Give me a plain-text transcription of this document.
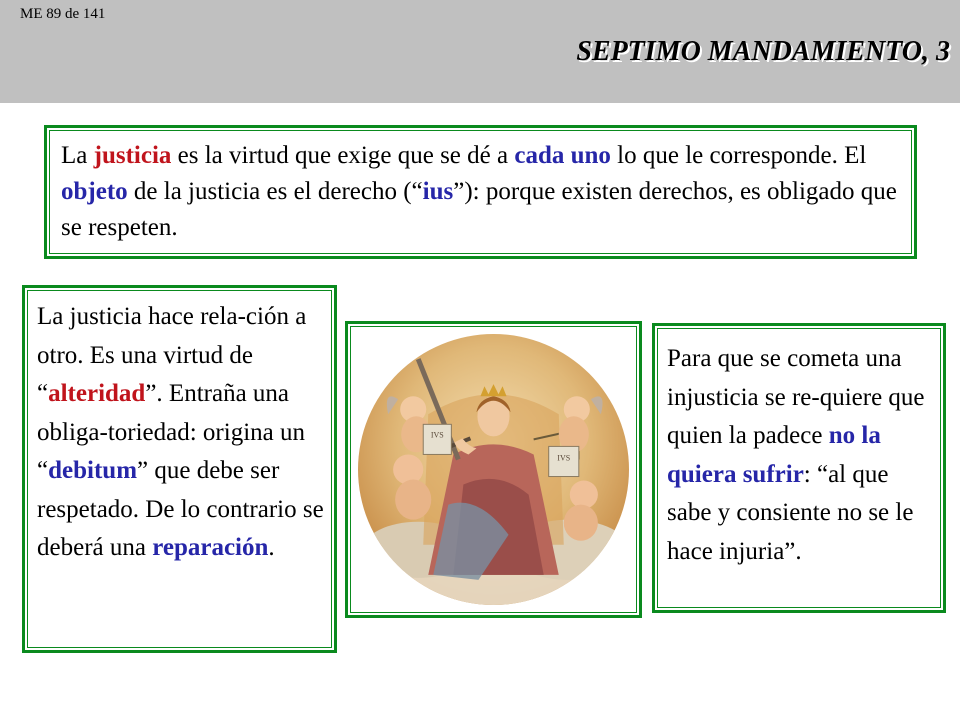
ME 89 de 141
SEPTIMO MANDAMIENTO, 3
La justicia es la virtud que exige que se dé a cada uno lo que le corresponde. El objeto de la justicia es el derecho (“ius”): porque existen derechos, es obligado que se respeten.
La justicia hace rela-ción a otro. Es una virtud de “alteridad”. Entraña una obliga-toriedad: origina un “debitum” que debe ser respetado. De lo contrario se deberá una reparación.
IVS
IVS
Para que se cometa una injusticia se re-quiere que quien la padece no la quiera sufrir: “al que sabe y consiente no se le hace injuria”.
